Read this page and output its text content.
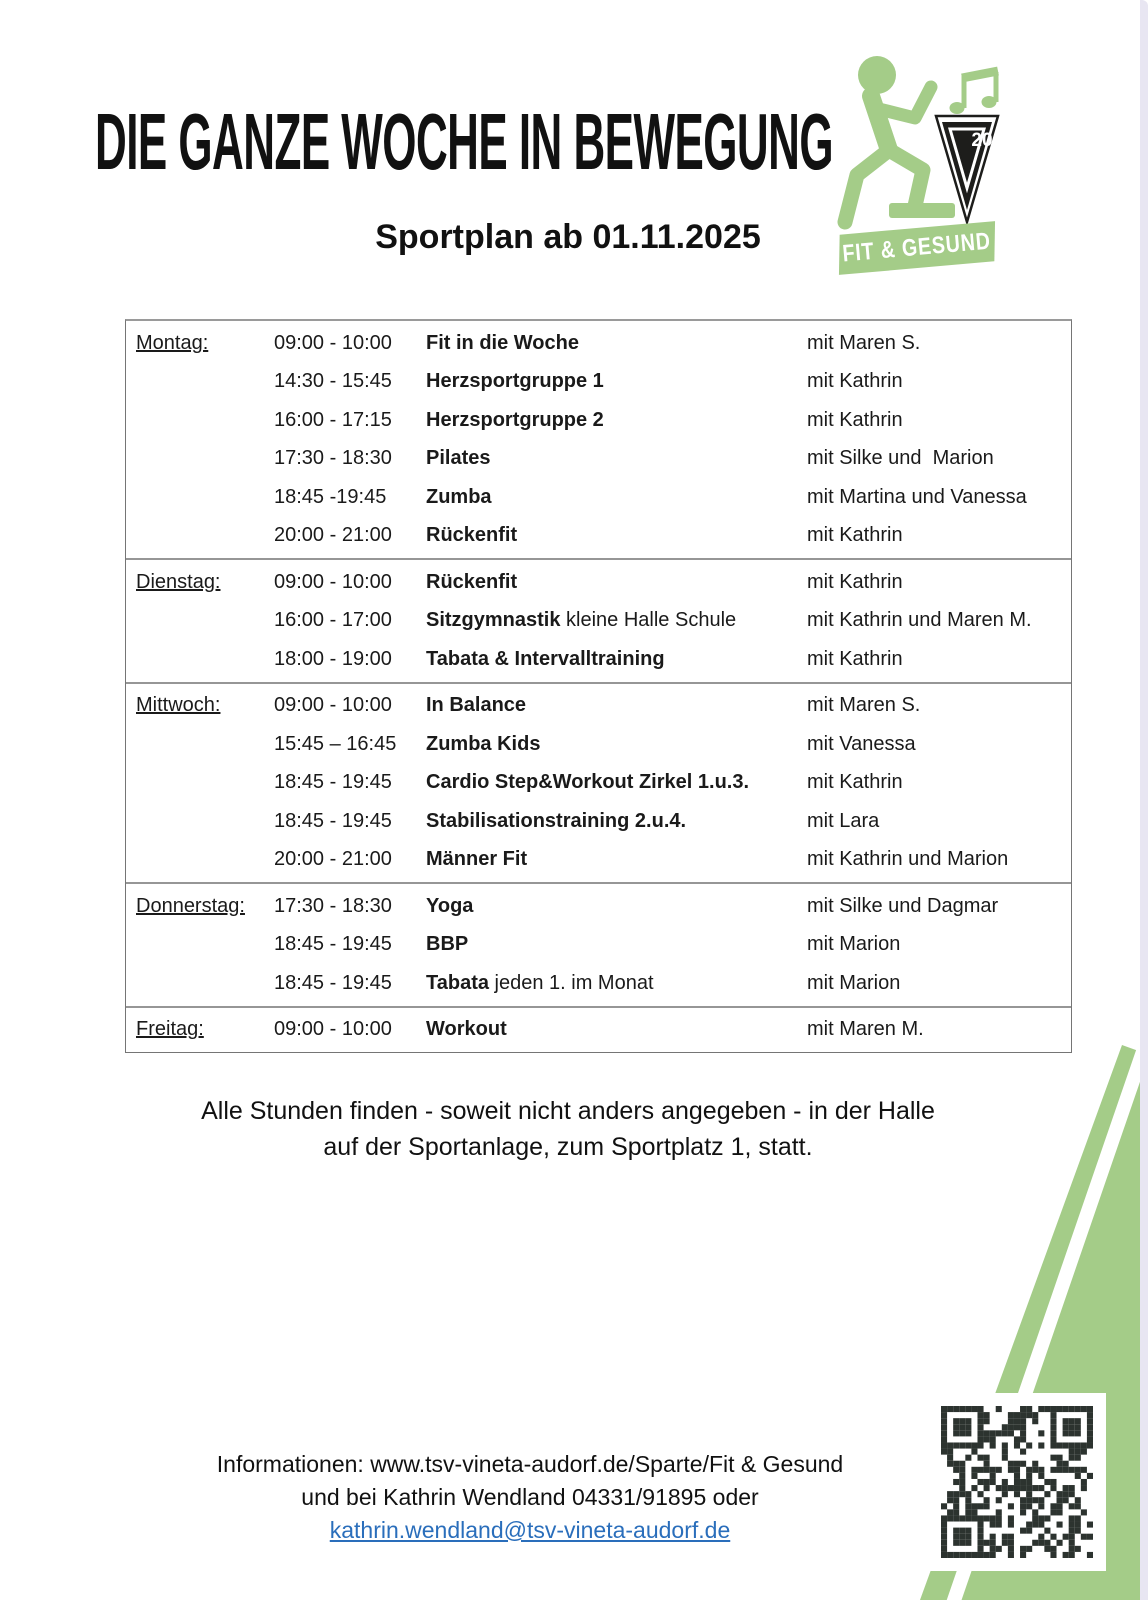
DIE GANZE WOCHE IN BEWEGUNG
Sportplan ab 01.11.2025
20
FIT & GESUND
Montag:	09:00 - 10:00	Fit in die Woche	mit Maren S.
14:30 - 15:45	Herzsportgruppe 1	mit Kathrin
16:00 - 17:15	Herzsportgruppe 2	mit Kathrin
17:30 - 18:30	Pilates	mit Silke und  Marion
18:45 -19:45	Zumba	mit Martina und Vanessa
20:00 - 21:00	Rückenfit	mit Kathrin
Dienstag:	09:00 - 10:00	Rückenfit	mit Kathrin
16:00 - 17:00	Sitzgymnastik kleine Halle Schule	mit Kathrin und Maren M.
18:00 - 19:00	Tabata & Intervalltraining	mit Kathrin
Mittwoch:	09:00 - 10:00	In Balance	mit Maren S.
15:45 – 16:45	Zumba Kids	mit Vanessa
18:45 - 19:45	Cardio Step&Workout Zirkel 1.u.3.	mit Kathrin
18:45 - 19:45	Stabilisationstraining 2.u.4.	mit Lara
20:00 - 21:00	Männer Fit	mit Kathrin und Marion
Donnerstag:	17:30 - 18:30	Yoga	mit Silke und Dagmar
18:45 - 19:45	BBP	mit Marion
18:45 - 19:45	Tabata jeden 1. im Monat	mit Marion
Freitag:	09:00 - 10:00	Workout	mit Maren M.
Alle Stunden finden - soweit nicht anders angegeben - in der Halle
auf der Sportanlage, zum Sportplatz 1, statt.
Informationen: www.tsv-vineta-audorf.de/Sparte/Fit & Gesund
und bei Kathrin Wendland 04331/91895 oder
kathrin.wendland@tsv-vineta-audorf.de
